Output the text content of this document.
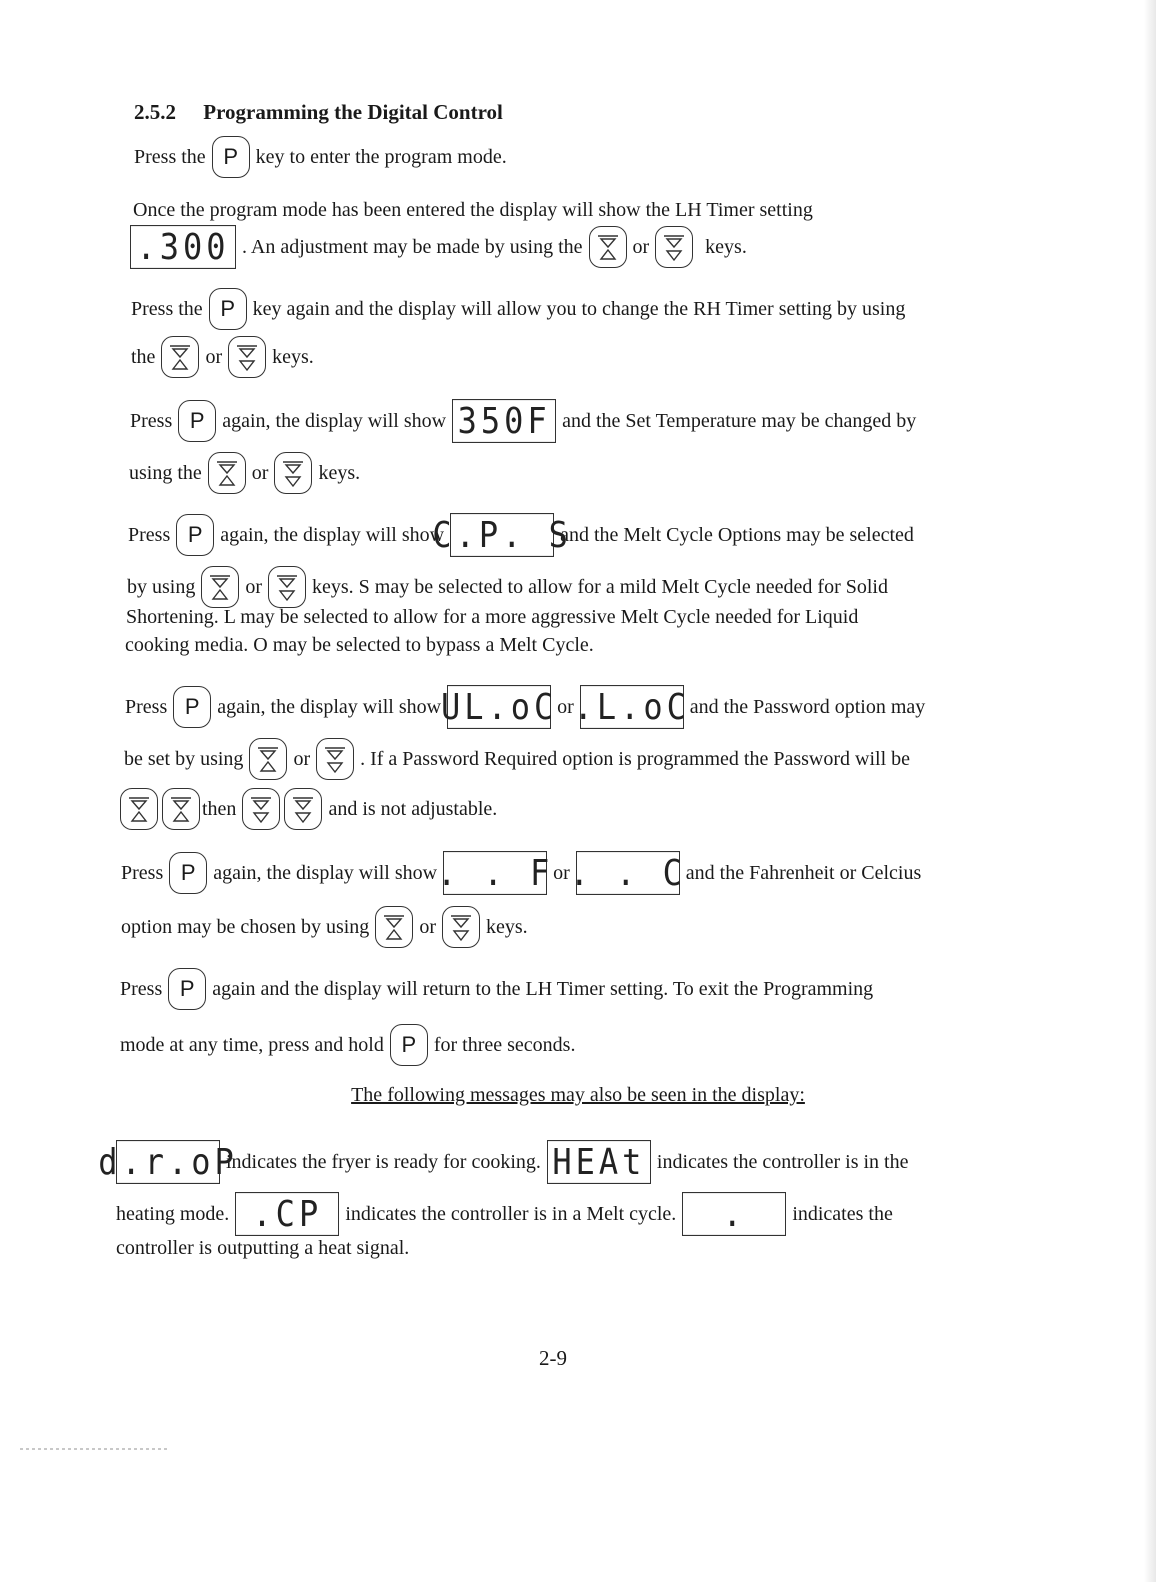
2.5.2 Programming the Digital Control
Press the P key to enter the program mode.
Once the program mode has been entered the display will show the LH Timer setting
.300 . An adjustment may be made by using the	or	keys.
Press the P key again and the display will allow you to change the RH Timer setting by using
the	or	keys.
Press P again, the display will show 350F and the Set Temperature may be changed by
using the	or	keys.
Press P again, the display will show
C.P. S
and the Melt Cycle Options may be selected
by using	or	keys. S may be selected to allow for a mild Melt Cycle needed for Solid
Shortening. L may be selected to allow for a more aggressive Melt Cycle needed for Liquid
cooking media. O may be selected to bypass a Melt Cycle.
Press P again, the display will show UL.oC or .L.oC and the Password option may
be set by using	or	. If a Password Required option is programmed the Password will be
then	and is not adjustable.
Press P again, the display will show . . F or . . C and the Fahrenheit or Celcius
option may be chosen by using	or	keys.
Press P again and the display will return to the LH Timer setting. To exit the Programming
mode at any time, press and hold P for three seconds.
The following messages may also be seen in the display:
d.r.oP
indicates the fryer is ready for cooking. HEAt indicates the controller is in the
heating mode. .CP	indicates the controller is in a Melt cycle.	.	indicates the
controller is outputting a heat signal.
2-9
